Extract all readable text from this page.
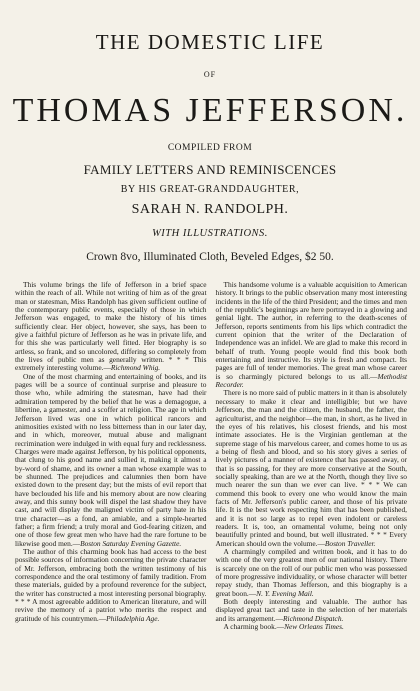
THE DOMESTIC LIFE
OF
THOMAS JEFFERSON.
COMPILED FROM
FAMILY LETTERS AND REMINISCENCES
BY HIS GREAT-GRANDDAUGHTER,
SARAH N. RANDOLPH.
WITH ILLUSTRATIONS.
Crown 8vo, Illuminated Cloth, Beveled Edges, $2 50.

This volume brings the life of Jefferson in a brief space within the reach of all. While not writing of him as of the great man or statesman, Miss Randolph has given sufficient outline of the contemporary public events, especially of those in which Jefferson was engaged, to make the history of his times sufficiently clear. Her object, however, she says, has been to give a faithful picture of Jefferson as he was in private life, and for this she was particularly well fitted. Her biography is so artless, so frank, and so uncolored, differing so completely from the lives of public men as generally written. * * * This extremely interesting volume.—Richmond Whig.

One of the most charming and entertaining of books, and its pages will be a source of continual surprise and pleasure to those who, while admiring the statesman, have had their admiration tempered by the belief that he was a demagogue, a libertine, a gamester, and a scoffer at religion. The age in which Jefferson lived was one in which political rancors and animosities existed with no less bitterness than in our later day, and in which, moreover, mutual abuse and malignant recrimination were indulged in with equal fury and recklessness. Charges were made against Jefferson, by his political opponents, that clung to his good name and sullied it, making it almost a by-word of shame, and its owner a man whose example was to be shunned. The prejudices and calumnies then born have existed down to the present day; but the mists of evil report that have beclouded his life and his memory about are now clearing away, and this sunny book will dispel the last shadow they have cast, and will display the maligned victim of party hate in his true character—as a fond, an amiable, and a simple-hearted father; a firm friend; a truly moral and God-fearing citizen, and one of those few great men who have had the rare fortune to be likewise good men.—Boston Saturday Evening Gazette.

The author of this charming book has had access to the best possible sources of information concerning the private character of Mr. Jefferson, embracing both the written testimony of his correspondence and the oral testimony of family tradition. From these materials, guided by a profound reverence for the subject, the writer has constructed a most interesting personal biography. * * * A most agreeable addition to American literature, and will revive the memory of a patriot who merits the respect and gratitude of his countrymen.—Philadelphia Age.

This handsome volume is a valuable acquisition to American history. It brings to the public observation many most interesting incidents in the life of the third President; and the times and men of the republic's beginnings are here portrayed in a glowing and genial light. The author, in referring to the death-scenes of Jefferson, reports sentiments from his lips which contradict the current opinion that the writer of the Declaration of Independence was an infidel. We are glad to make this record in behalf of truth. Young people would find this book both entertaining and instructive. Its style is fresh and compact. Its pages are full of tender memories. The great man whose career is so charmingly pictured belongs to us all.—Methodist Recorder.

There is no more said of public matters in it than is absolutely necessary to make it clear and intelligible; but we have Jefferson, the man and the citizen, the husband, the father, the agriculturist, and the neighbor—the man, in short, as he lived in the eyes of his relatives, his closest friends, and his most intimate associates. He is the Virginian gentleman at the supreme stage of his marvelous career, and comes home to us as a being of flesh and blood, and so his story gives a series of lively pictures of a manner of existence that has passed away, or that is so passing, for they are more conservative at the South, socially speaking, than are we at the North, though they live so much nearer the sun than we ever can live. * * * We can commend this book to every one who would know the main facts of Mr. Jefferson's public career, and those of his private life. It is the best work respecting him that has been published, and it is not so large as to repel even indolent or careless readers. It is, too, an ornamental volume, being not only beautifully printed and bound, but well illustrated. * * * Every American should own the volume.—Boston Traveller.

A charmingly compiled and written book, and it has to do with one of the very greatest men of our national history. There is scarcely one on the roll of our public men who was possessed of more progressive individuality, or whose character will better repay study, than Thomas Jefferson, and this biography is a great boon.—N. Y. Evening Mail.

Both deeply interesting and valuable. The author has displayed great tact and taste in the selection of her materials and its arrangement.—Richmond Dispatch.

A charming book.—New Orleans Times.
